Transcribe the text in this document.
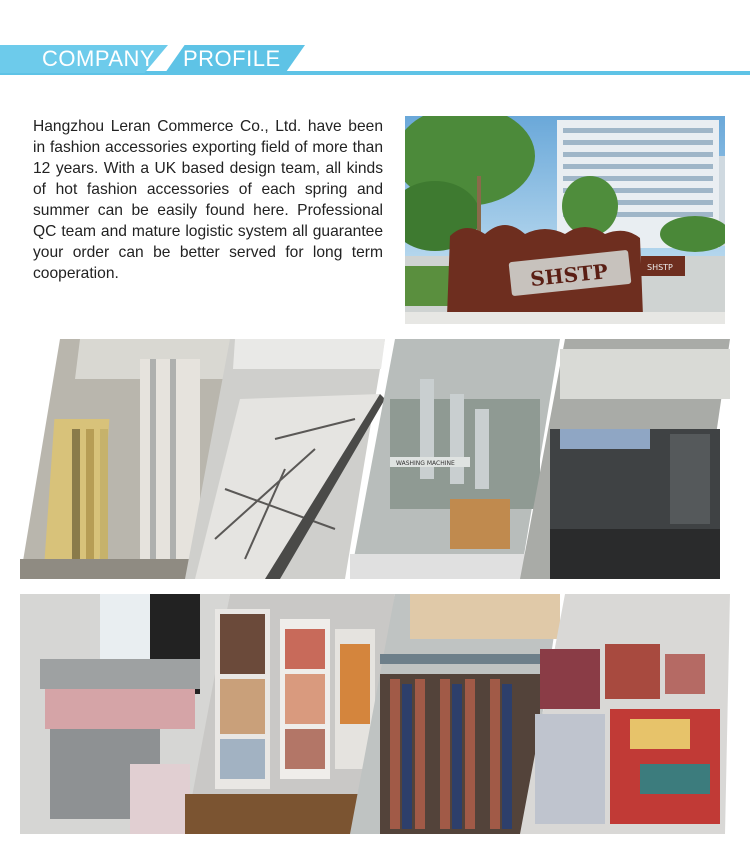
COMPANY PROFILE

Hangzhou Leran Commerce Co., Ltd. have been in fashion accessories exporting field of more than 12 years. With a UK based design team, all kinds of hot fashion accessories of each spring and summer can be easily found here. Professional QC team and mature logistic system all guarantee your order can be better served for long term cooperation.	SHSTP	SHSTP
WASHING MACHINE
